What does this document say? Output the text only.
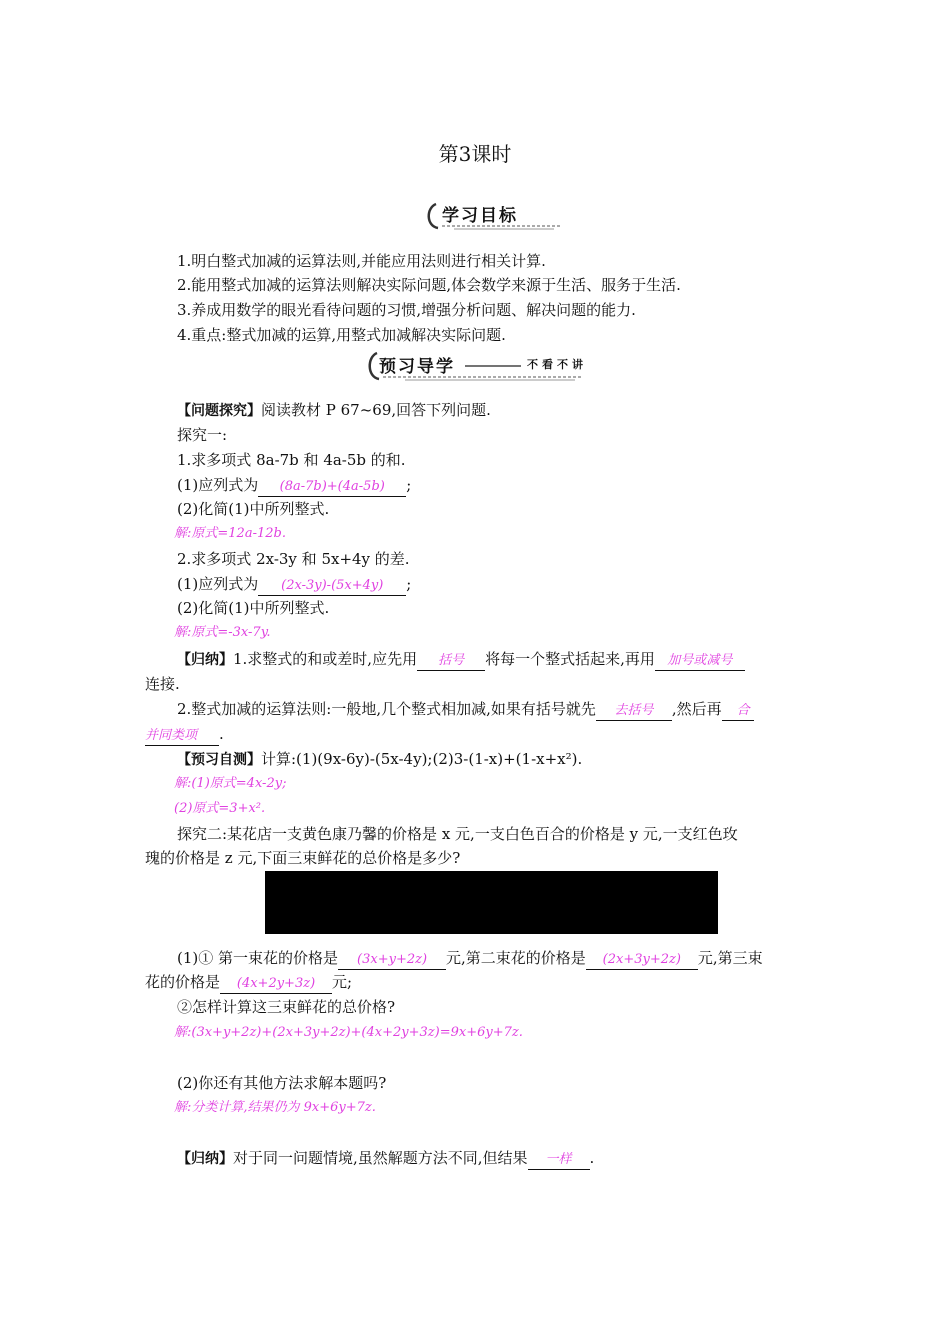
第3课时
学习目标
1.明白整式加减的运算法则,并能应用法则进行相关计算.
2.能用整式加减的运算法则解决实际问题,体会数学来源于生活、服务于生活.
3.养成用数学的眼光看待问题的习惯,增强分析问题、解决问题的能力.
4.重点:整式加减的运算,用整式加减解决实际问题.
预习导学	不看不讲
【问题探究】阅读教材 P 67~69,回答下列问题.
探究一:
1.求多项式 8a-7b 和 4a-5b 的和.
(1)应列式为 (8a-7b)+(4a-5b) ;
(2)化简(1)中所列整式.
解:原式=12a-12b.
2.求多项式 2x-3y 和 5x+4y 的差.
(1)应列式为 (2x-3y)-(5x+4y) ;
(2)化简(1)中所列整式.
解:原式=-3x-7y.
【归纳】1.求整式的和或差时,应先用 括号 将每一个整式括起来,再用 加号或减号
连接.
2.整式加减的运算法则:一般地,几个整式相加减,如果有括号就先 去括号 ,然后再 合
并同类项 .
【预习自测】计算:(1)(9x-6y)-(5x-4y);(2)3-(1-x)+(1-x+x²).
解:(1)原式=4x-2y;
(2)原式=3+x².
探究二:某花店一支黄色康乃馨的价格是 x 元,一支白色百合的价格是 y 元,一支红色玫
瑰的价格是 z 元,下面三束鲜花的总价格是多少?
(1)① 第一束花的价格是 (3x+y+2z) 元,第二束花的价格是 (2x+3y+2z) 元,第三束
花的价格是 (4x+2y+3z) 元;
②怎样计算这三束鲜花的总价格?
解:(3x+y+2z)+(2x+3y+2z)+(4x+2y+3z)=9x+6y+7z.
(2)你还有其他方法求解本题吗?
解:分类计算,结果仍为 9x+6y+7z.
【归纳】对于同一问题情境,虽然解题方法不同,但结果 一样 .
